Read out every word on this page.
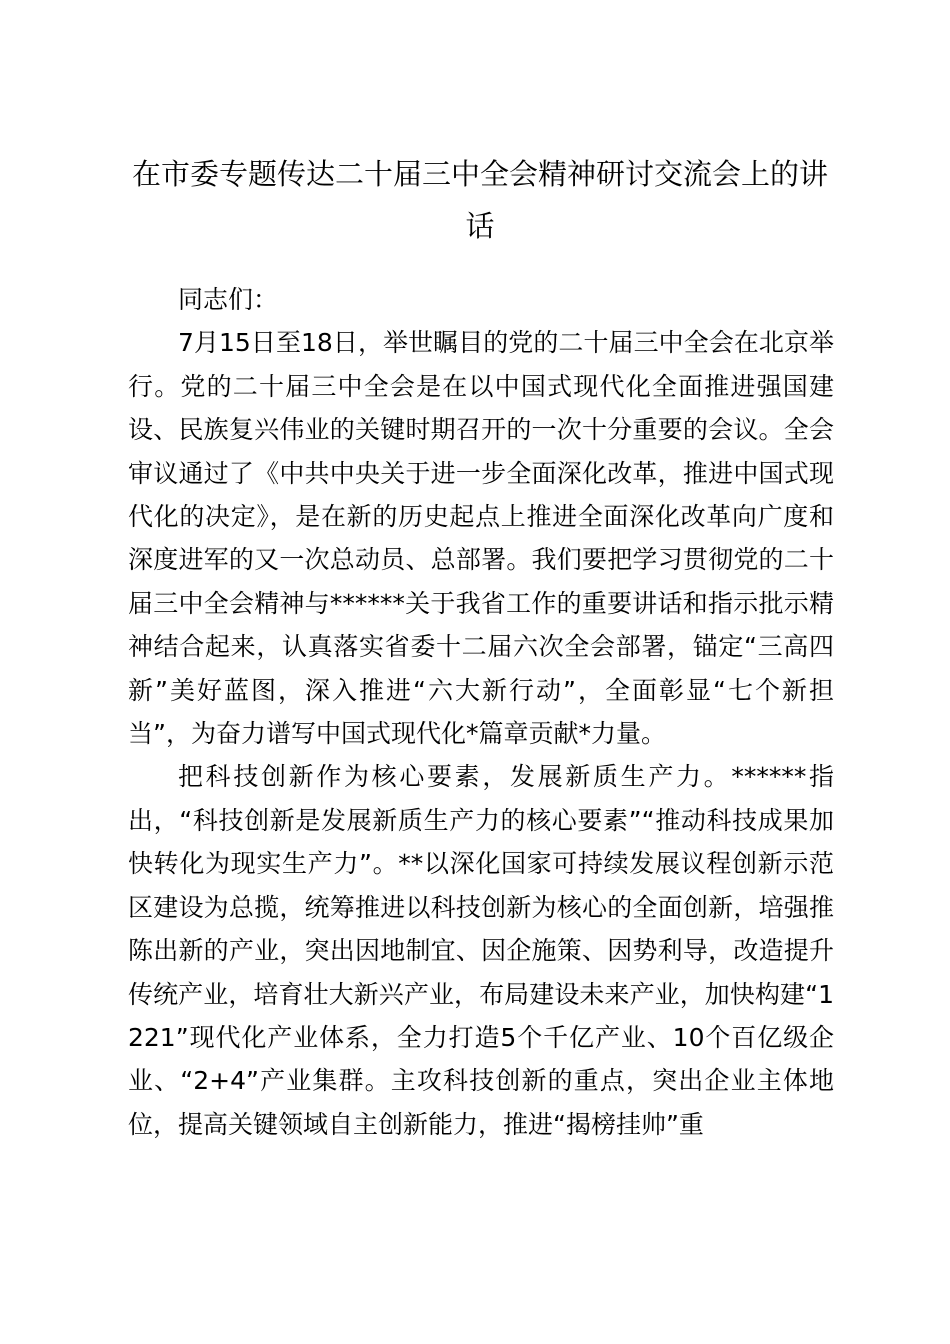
在市委专题传达二十届三中全会精神研讨交流会上的讲话

同志们：

7月15日至18日，举世瞩目的党的二十届三中全会在北京举行。党的二十届三中全会是在以中国式现代化全面推进强国建设、民族复兴伟业的关键时期召开的一次十分重要的会议。全会审议通过了《中共中央关于进一步全面深化改革，推进中国式现代化的决定》，是在新的历史起点上推进全面深化改革向广度和深度进军的又一次总动员、总部署。我们要把学习贯彻党的二十届三中全会精神与******关于我省工作的重要讲话和指示批示精神结合起来，认真落实省委十二届六次全会部署，锚定“三高四新”美好蓝图，深入推进“六大新行动”，全面彰显“七个新担当”，为奋力谱写中国式现代化*篇章贡献*力量。

把科技创新作为核心要素，发展新质生产力。******指出，“科技创新是发展新质生产力的核心要素”“推动科技成果加快转化为现实生产力”。**以深化国家可持续发展议程创新示范区建设为总揽，统筹推进以科技创新为核心的全面创新，培强推陈出新的产业，突出因地制宜、因企施策、因势利导，改造提升传统产业，培育壮大新兴产业，布局建设未来产业，加快构建“1221”现代化产业体系，全力打造5个千亿产业、10个百亿级企业、“2+4”产业集群。主攻科技创新的重点，突出企业主体地位，提高关键领域自主创新能力，推进“揭榜挂帅”重
